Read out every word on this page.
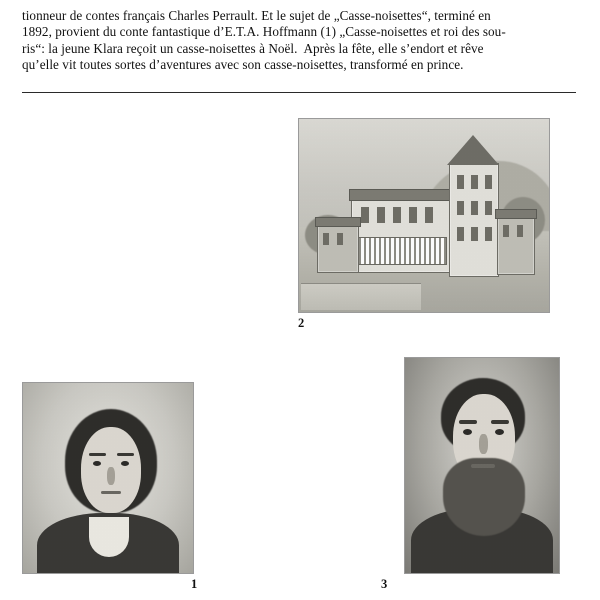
tionneur de contes français Charles Perrault. Et le sujet de „Casse-noisettes“, terminé en
1892, provient du conte fantastique d’E.T.A. Hoffmann (1) „Casse-noisettes et roi des sou-
ris“: la jeune Klara reçoit un casse-noisettes à Noël.  Après la fête, elle s’endort et rêve
qu’elle vit toutes sortes d’aventures avec son casse-noisettes, transformé en prince.
2
1	3
